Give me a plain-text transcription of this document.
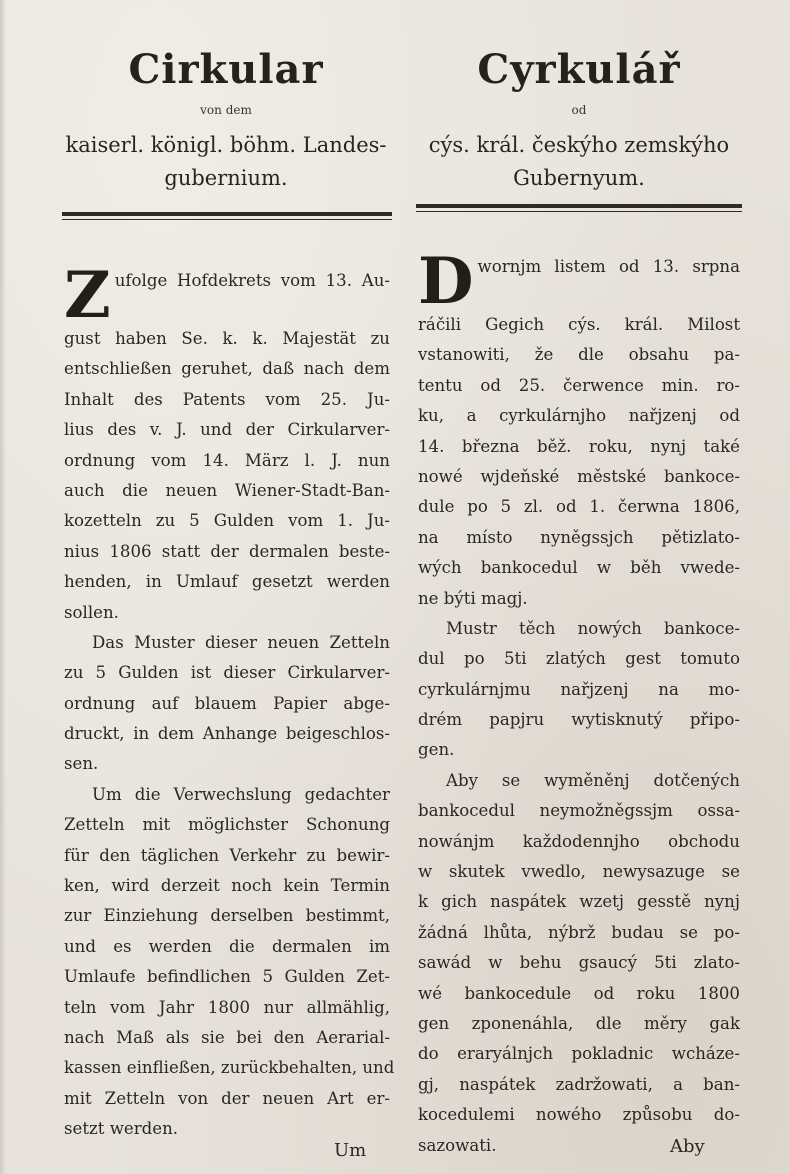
Cirkular
von dem
kaiserl. königl. böhm. Landes-
gubernium.
Z ufolge Hofdekrets vom 13. Au-
gust haben Se. k. k. Majestät zu
entschließen geruhet, daß nach dem
Inhalt des Patents vom 25. Ju-
lius des v. J. und der Cirkularver-
ordnung vom 14. März l. J. nun
auch die neuen Wiener-Stadt-Ban-
kozetteln zu 5 Gulden vom 1. Ju-
nius 1806 statt der dermalen beste-
henden, in Umlauf gesetzt werden
sollen.
Das Muster dieser neuen Zetteln
zu 5 Gulden ist dieser Cirkularver-
ordnung auf blauem Papier abge-
druckt, in dem Anhange beigeschlos-
sen.
Um die Verwechslung gedachter
Zetteln mit möglichster Schonung
für den täglichen Verkehr zu bewir-
ken, wird derzeit noch kein Termin
zur Einziehung derselben bestimmt,
und es werden die dermalen im
Umlaufe befindlichen 5 Gulden Zet-
teln vom Jahr 1800 nur allmählig,
nach Maß als sie bei den Aerarial-
kassen einfließen, zurückbehalten, und
mit Zetteln von der neuen Art er-
setzt werden.
Cyrkulář
od
cýs. král. českýho zemskýho
Gubernyum.
D wornjm listem od 13. srpna
ráčili Gegich cýs. král. Milost
vstanowiti, že dle obsahu pa-
tentu od 25. čerwence min. ro-
ku, a cyrkulárnjho nařjzenj od
14. března běž. roku, nynj také
nowé wjdeňské městské bankoce-
dule po 5 zl. od 1. čerwna 1806,
na místo nyněgssjch pětizlato-
wých bankocedul w běh vwede-
ne býti magj.
Mustr těch nowých bankoce-
dul po 5ti zlatých gest tomuto
cyrkulárnjmu nařjzenj na mo-
drém papjru wytisknutý připo-
gen.
Aby se wyměněnj dotčených
bankocedul neymožněgssjm ossa-
nowánjm každodennjho obchodu
w skutek vwedlo, newysazuge se
k gich naspátek wzetj gesstě nynj
žádná lhůta, nýbrž budau se po-
sawád w behu gsaucý 5ti zlato-
wé bankocedule od roku 1800
gen zponenáhla, dle měry gak
do eraryálnjch pokladnic wcháze-
gj, naspátek zadržowati, a ban-
kocedulemi nowého způsobu do-
sazowati.
Um	Aby
